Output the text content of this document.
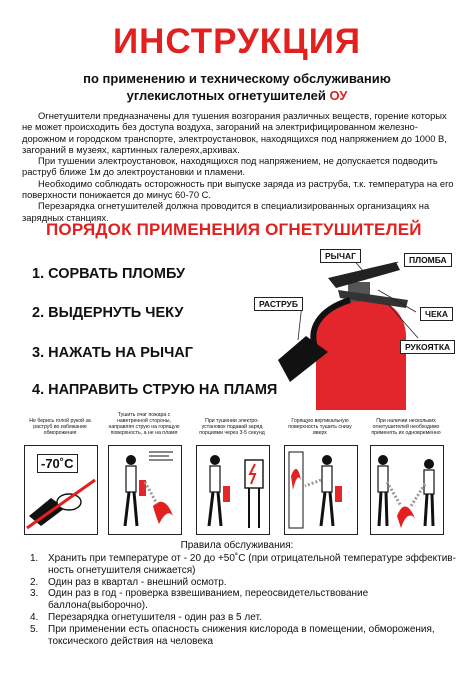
ИНСТРУКЦИЯ
по применению и техническому обслуживанию
углекислотных огнетушителей ОУ

Огнетушители предназначены для тушения возгорания различных веществ, горение которых не может происходить без доступа воздуха, загораний на электрифицированном железно-дорожном и городском транспорте, электроустановок, находящихся под напряжением до 1000 В, загораний в музеях, картинных галереях,архивах.

При тушении электроустановок, находящихся под напряжением, не допускается подводить раструб ближе 1м до электроустановки и пламени.

Необходимо соблюдать осторожность при выпуске заряда из раструба, т.к. температура на его поверхности понижается до минус 60-70 С.

Перезарядка огнетушителей должна проводится в специализированных организациях на зарядных станциях.

ПОРЯДОК ПРИМЕНЕНИЯ ОГНЕТУШИТЕЛЕЙ
1. СОРВАТЬ ПЛОМБУ
2. ВЫДЕРНУТЬ ЧЕКУ
3. НАЖАТЬ НА РЫЧАГ
4. НАПРАВИТЬ СТРУЮ НА ПЛАМЯ
РЫЧАГ	ПЛОМБА
РАСТРУБ
ЧЕКА
РУКОЯТКА
Не берись голой рукой за раструб во избежание обморожения
Тушить очаг пожара с наветренной стороны, направляя струю на горящую поверхность, а не на пламя
При тушении электро-установок подавай заряд порциями через 3-5 секунд
Горящую вертикальную поверхность тушить снизу вверх
При наличии нескольких огнетушителей необходимо применять их одновременно
-70˚С
Правила обслуживания:
1. Хранить при температуре от - 20 до +50˚С (при отрицательной температуре эффектив-ность огнетушителя снижается)
2. Один раз в квартал - внешний осмотр.
3. Один раз в год - проверка взвешиванием, переосвидетельствование баллона(выборочно).
4. Перезарядка огнетушителя - один раз в 5 лет.
5. При применении есть опасность снижения кислорода в помещении, обморожения, токсического действия на человека
